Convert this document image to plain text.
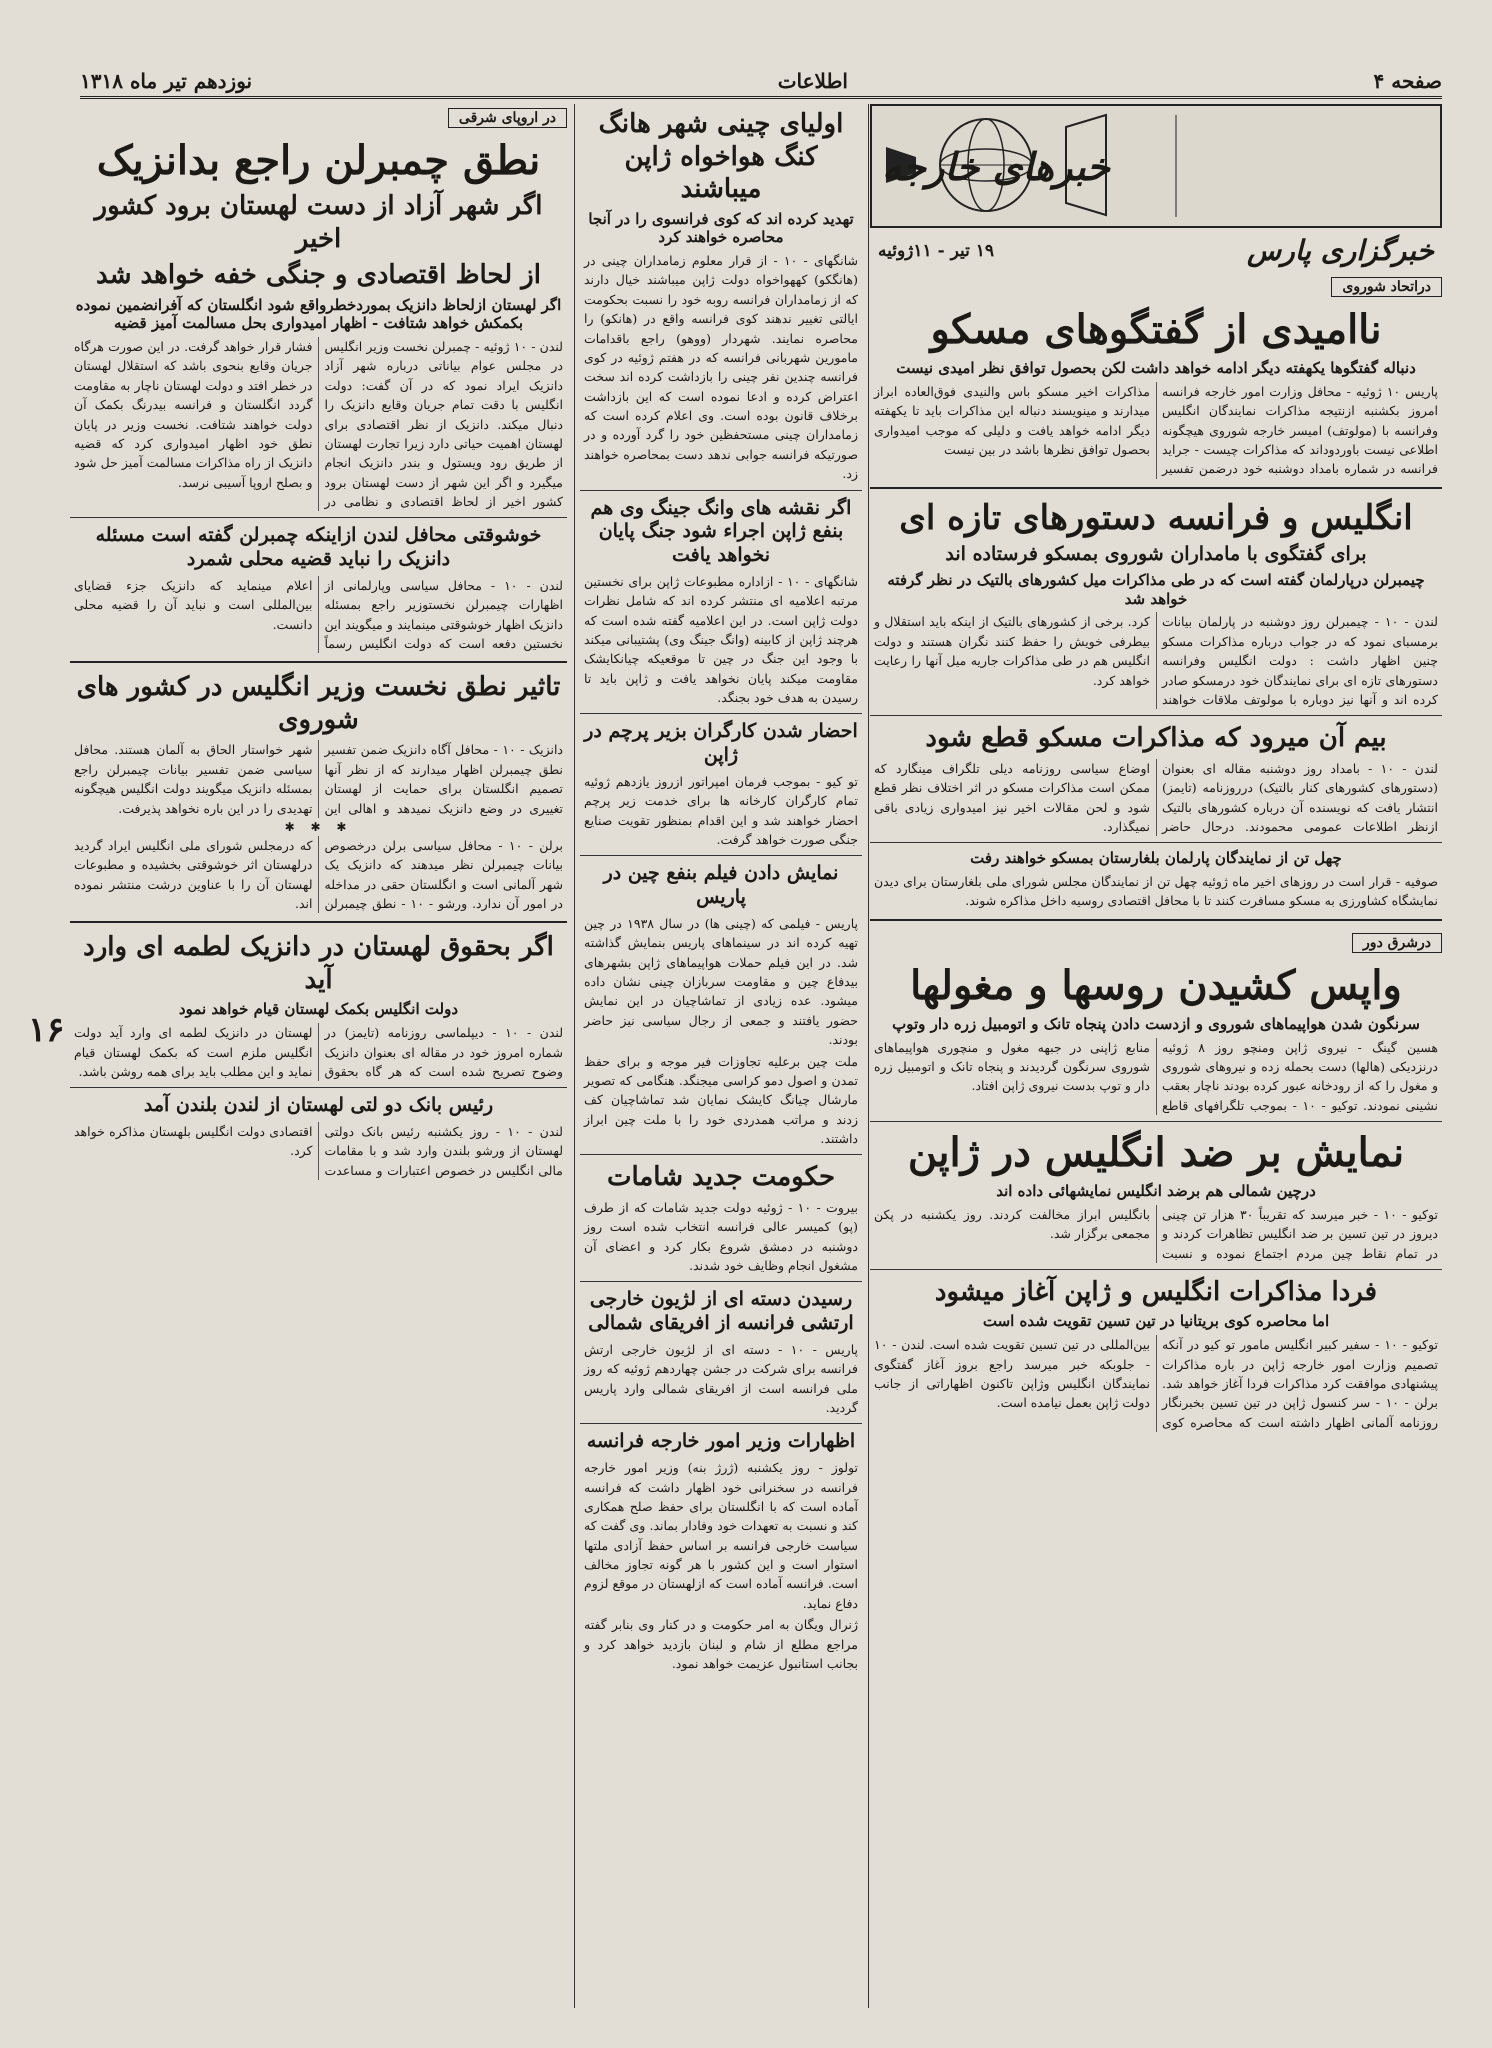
صفحه ۴
اطلاعات
نوزدهم تیر ماه ۱۳۱۸
خبرهای خارجه
خبرگزاری پارس
۱۹ تیر - ۱۱ژوئیه
دراتحاد شوروی
ناامیدی از گفتگوهای مسکو
دنباله گفتگوها یکهفته دیگر ادامه خواهد داشت لکن بحصول توافق نظر امیدی نیست
پاریس ۱۰ ژوئیه - محافل وزارت امور خارجه فرانسه امروز بکشنبه ازنتیجه مذاکرات نمایندگان انگلیس وفرانسه با (مولوتف) امیسر خارجه شوروی هیچگونه اطلاعی نیست باوردوداند که مذاکرات چیست - جراید فرانسه در شماره بامداد دوشنبه خود درضمن تفسیر مذاکرات اخیر مسکو باس والنیدی فوق‌العاده ابراز میدارند و مینویسند دنباله این مذاکرات باید تا یکهفته دیگر ادامه خواهد یافت و دلیلی که موجب امیدواری بحصول توافق نظرها باشد در بین نیست
انگلیس و فرانسه دستورهای تازه ای
برای گفتگوی با مامداران شوروی بمسکو فرستاده اند
چیمبرلن درپارلمان گفته است که در طی مذاکرات میل کشورهای بالتیک در نظر گرفته خواهد شد
لندن - ۱۰ - چیمبرلن روز دوشنبه در پارلمان بیانات برمسبای نمود که در جواب درباره مذاکرات مسکو چنین اظهار داشت : دولت انگلیس وفرانسه دستورهای تازه ای برای نمایندگان خود درمسکو صادر کرده اند و آنها نیز دوباره با مولوتف ملاقات خواهند کرد. برخی از کشورهای بالتیک از اینکه باید استقلال و بیطرفی خویش را حفظ کنند نگران هستند و دولت انگلیس هم در طی مذاکرات جاریه میل آنها را رعایت خواهد کرد.
بیم آن میرود که مذاکرات مسکو قطع شود
لندن - ۱۰ - بامداد روز دوشنبه مقاله ای بعنوان (دستورهای کشورهای کنار بالتیک) درروزنامه (تایمز) انتشار یافت که نویسنده آن درباره کشورهای بالتیک ازنظر اطلاعات عمومی محمودند. درحال حاضر اوضاع سیاسی روزنامه دیلی تلگراف مینگارد که ممکن است مذاکرات مسکو در اثر اختلاف نظر قطع شود و لحن مقالات اخیر نیز امیدواری زیادی باقی نمیگذارد.
چهل تن از نمایندگان پارلمان بلغارستان بمسکو خواهند رفت
صوفیه - قرار است در روزهای اخیر ماه ژوئیه چهل تن از نمایندگان مجلس شورای ملی بلغارستان برای دیدن نمایشگاه کشاورزی به مسکو مسافرت کنند تا با محافل اقتصادی روسیه داخل مذاکره شوند.
درشرق دور
واپس کشیدن روسها و مغولها
سرنگون شدن هواپیماهای شوروی و ازدست دادن پنجاه تانک و اتومبیل زره دار وتوپ
هسین گینگ - نیروی ژاپن ومنچو روز ۸ ژوئیه درنزدیکی (هالها) دست بحمله زده و نیروهای شوروی و مغول را که از رودخانه عبور کرده بودند ناچار بعقب نشینی نمودند. توکیو - ۱۰ - بموجب تلگرافهای قاطع منابع ژاپنی در جبهه مغول و منچوری هواپیماهای شوروی سرنگون گردیدند و پنجاه تانک و اتومبیل زره دار و توپ بدست نیروی ژاپن افتاد.
نمایش بر ضد انگلیس در ژاپن
درچین شمالی هم برضد انگلیس نمایشهائی داده اند
توکیو - ۱۰ - خبر میرسد که تقریباً ۳۰ هزار تن چینی دیروز در تین تسین بر ضد انگلیس تظاهرات کردند و در تمام نقاط چین مردم اجتماع نموده و نسبت بانگلیس ابراز مخالفت کردند. روز یکشنبه در پکن مجمعی برگزار شد.
فردا مذاکرات انگلیس و ژاپن آغاز میشود
اما محاصره کوی بریتانیا در تین تسین تقویت شده است
توکیو - ۱۰ - سفیر کبیر انگلیس مامور تو کیو در آنکه تصمیم وزارت امور خارجه ژاپن در باره مذاکرات پیشنهادی موافقت کرد مذاکرات فردا آغاز خواهد شد. برلن - ۱۰ - سر کنسول ژاپن در تین تسین بخبرنگار روزنامه آلمانی اظهار داشته است که محاصره کوی بین‌المللی در تین تسین تقویت شده است. لندن - ۱۰ - جلوبکه خبر میرسد راجع بروز آغاز گفتگوی نمایندگان انگلیس وژاپن تاکنون اظهاراتی از جانب دولت ژاپن بعمل نیامده است.
اولیای چینی شهر هانگ کنگ هواخواه ژاپن میباشند
تهدید کرده اند که کوی فرانسوی را در آنجا محاصره خواهند کرد
شانگهای - ۱۰ - از قرار معلوم زمامداران چینی در (هانگکو) کههواخواه دولت ژاپن میباشند خیال دارند که از زمامداران فرانسه روبه خود را نسبت بحکومت ایالتی تغییر ندهند کوی فرانسه واقع در (هانکو) را محاصره نمایند. شهردار (ووهو) راجع باقدامات مامورین شهربانی فرانسه که در هفتم ژوئیه در کوی فرانسه چندین نفر چینی را بازداشت کرده اند سخت اعتراض کرده و ادعا نموده است که این بازداشت برخلاف قانون بوده است. وی اعلام کرده است که زمامداران چینی مستحفظین خود را گرد آورده و در صورتیکه فرانسه جوابی ندهد دست بمحاصره خواهند زد.
اگر نقشه های وانگ جینگ وی هم بنفع ژاپن اجراء شود جنگ پایان نخواهد یافت
شانگهای - ۱۰ - ازاداره مطبوعات ژاپن برای نخستین مرتبه اعلامیه ای منتشر کرده اند که شامل نظرات دولت ژاپن است. در این اعلامیه گفته شده است که هرچند ژاپن از کابینه (وانگ جینگ وی) پشتیبانی میکند با وجود این جنگ در چین تا موقعیکه چیانکایشک مقاومت میکند پایان نخواهد یافت و ژاپن باید تا رسیدن به هدف خود بجنگد.
احضار شدن کارگران بزیر پرچم در ژاپن
تو کیو - بموجب فرمان امپراتور ازروز یازدهم ژوئیه تمام کارگران کارخانه ها برای خدمت زیر پرچم احضار خواهند شد و این اقدام بمنظور تقویت صنایع جنگی صورت خواهد گرفت.
نمایش دادن فیلم بنفع چین در پاریس
پاریس - فیلمی که (چینی ها) در سال ۱۹۳۸ در چین تهیه کرده اند در سینماهای پاریس بنمایش گذاشته شد. در این فیلم حملات هواپیماهای ژاپن بشهرهای بیدفاع چین و مقاومت سربازان چینی نشان داده میشود. عده زیادی از تماشاچیان در این نمایش حضور یافتند و جمعی از رجال سیاسی نیز حاضر بودند.
ملت چین برعلیه تجاوزات فیر موجه و برای حفظ تمدن و اصول دمو کراسی میجنگد. هنگامی که تصویر مارشال چیانگ کایشک نمایان شد تماشاچیان کف زدند و مراتب همدردی خود را با ملت چین ابراز داشتند.
حکومت جدید شامات
بیروت - ۱۰ - ژوئیه دولت جدید شامات که از طرف (پو) کمیسر عالی فرانسه انتخاب شده است روز دوشنبه در دمشق شروع بکار کرد و اعضای آن مشغول انجام وظایف خود شدند.
رسیدن دسته ای از لژیون خارجی ارتشی فرانسه از افریقای شمالی
پاریس - ۱۰ - دسته ای از لژیون خارجی ارتش فرانسه برای شرکت در جشن چهاردهم ژوئیه که روز ملی فرانسه است از افریقای شمالی وارد پاریس گردید.
اظهارات وزیر امور خارجه فرانسه
تولوز - روز یکشنبه (ژرژ بنه) وزیر امور خارجه فرانسه در سخنرانی خود اظهار داشت که فرانسه آماده است که با انگلستان برای حفظ صلح همکاری کند و نسبت به تعهدات خود وفادار بماند. وی گفت که سیاست خارجی فرانسه بر اساس حفظ آزادی ملتها استوار است و این کشور با هر گونه تجاوز مخالف است. فرانسه آماده است که ازلهستان در موقع لزوم دفاع نماید.
ژنرال ویگان به امر حکومت و در کنار وی بنابر گفته مراجع مطلع از شام و لبنان بازدید خواهد کرد و بجانب استانبول عزیمت خواهد نمود.
در اروپای شرقی
نطق چمبرلن راجع بدانزیک
اگر شهر آزاد از دست لهستان برود کشور اخیر
از لحاظ اقتصادی و جنگی خفه خواهد شد
اگر لهستان ازلحاظ دانزیک بموردخطرواقع شود انگلستان که آفرانضمین نموده بکمکش خواهد شتافت - اظهار امیدواری بحل مسالمت آمیز قضیه
لندن - ۱۰ ژوئیه - چمبرلن نخست وزیر انگلیس در مجلس عوام بیاناتی درباره شهر آزاد دانزیک ایراد نمود که در آن گفت: دولت انگلیس با دقت تمام جریان وقایع دانزیک را دنبال میکند. دانزیک از نظر اقتصادی برای لهستان اهمیت حیاتی دارد زیرا تجارت لهستان از طریق رود ویستول و بندر دانزیک انجام میگیرد و اگر این شهر از دست لهستان برود کشور اخیر از لحاظ اقتصادی و نظامی در فشار قرار خواهد گرفت. در این صورت هرگاه جریان وقایع بنحوی باشد که استقلال لهستان در خطر افتد و دولت لهستان ناچار به مقاومت گردد انگلستان و فرانسه بیدرنگ بکمک آن دولت خواهند شتافت. نخست وزیر در پایان نطق خود اظهار امیدواری کرد که قضیه دانزیک از راه مذاکرات مسالمت آمیز حل شود و بصلح اروپا آسیبی نرسد.
خوشوقتی محافل لندن ازاینکه چمبرلن گفته است مسئله دانزیک را نباید قضیه محلی شمرد
لندن - ۱۰ - محافل سیاسی وپارلمانی از اظهارات چیمبرلن نخستوزیر راجع بمسئله دانزیک اظهار خوشوقتی مینمایند و میگویند این نخستین دفعه است که دولت انگلیس رسماً اعلام مینماید که دانزیک جزء قضایای بین‌المللی است و نباید آن را قضیه محلی دانست.
تاثیر نطق نخست وزیر انگلیس در کشور های شوروی
دانزیک - ۱۰ - محافل آگاه دانزیک ضمن تفسیر نطق چیمبرلن اظهار میدارند که از نظر آنها تصمیم انگلستان برای حمایت از لهستان تغییری در وضع دانزیک نمیدهد و اهالی این شهر خواستار الحاق به آلمان هستند. محافل سیاسی ضمن تفسیر بیانات چیمبرلن راجع بمسئله دانزیک میگویند دولت انگلیس هیچگونه تهدیدی را در این باره نخواهد پذیرفت.
✱ ✱ ✱
برلن - ۱۰ - محافل سیاسی برلن درخصوص بیانات چیمبرلن نظر میدهند که دانزیک یک شهر آلمانی است و انگلستان حقی در مداخله در امور آن ندارد. ورشو - ۱۰ - نطق چیمبرلن که درمجلس شورای ملی انگلیس ایراد گردید درلهستان اثر خوشوقتی بخشیده و مطبوعات لهستان آن را با عناوین درشت منتشر نموده اند.
اگر بحقوق لهستان در دانزیک لطمه ای وارد آید
دولت انگلیس بکمک لهستان قیام خواهد نمود
لندن - ۱۰ - دیپلماسی روزنامه (تایمز) در شماره امروز خود در مقاله ای بعنوان دانزیک وضوح تصریح شده است که هر گاه بحقوق لهستان در دانزیک لطمه ای وارد آید دولت انگلیس ملزم است که بکمک لهستان قیام نماید و این مطلب باید برای همه روشن باشد.
رئیس بانک دو لتی لهستان از لندن بلندن آمد
لندن - ۱۰ - روز یکشنبه رئیس بانک دولتی لهستان از ورشو بلندن وارد شد و با مقامات مالی انگلیس در خصوص اعتبارات و مساعدت اقتصادی دولت انگلیس بلهستان مذاکره خواهد کرد.
۱۶
